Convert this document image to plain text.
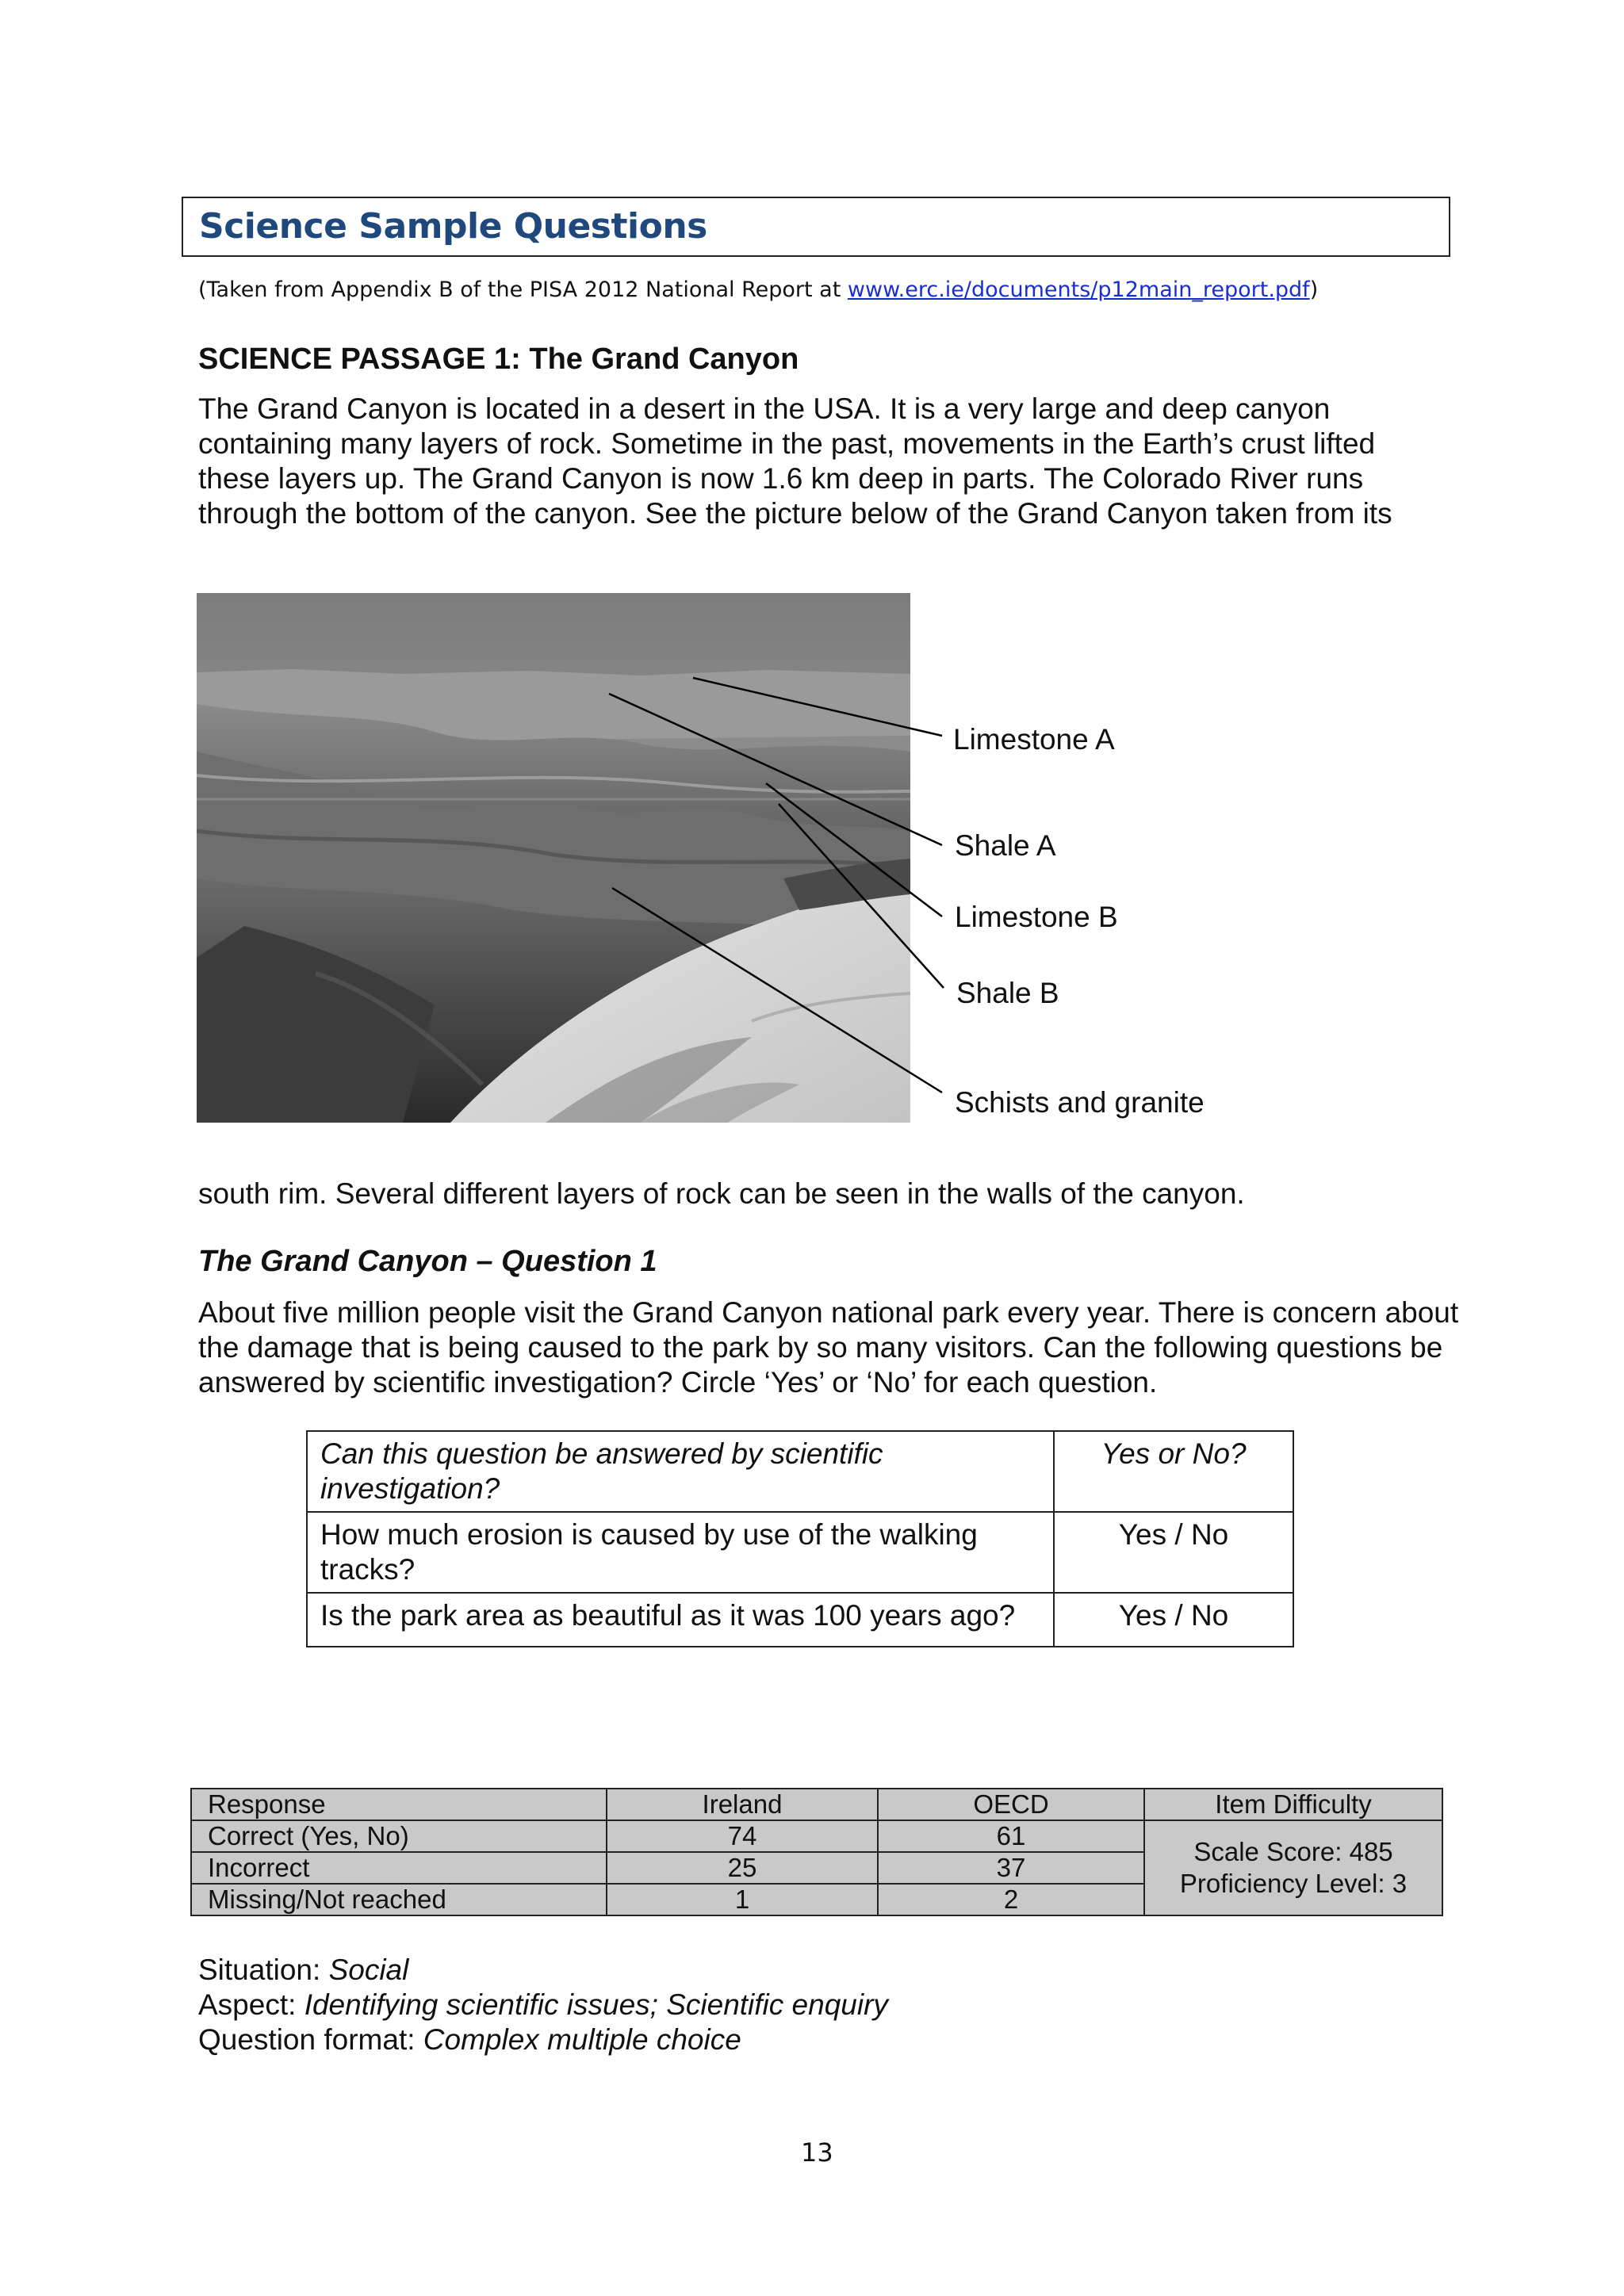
Science Sample Questions
(Taken from Appendix B of the PISA 2012 National Report at www.erc.ie/documents/p12main_report.pdf)
SCIENCE PASSAGE 1: The Grand Canyon
The Grand Canyon is located in a desert in the USA. It is a very large and deep canyon
containing many layers of rock. Sometime in the past, movements in the Earth’s crust lifted
these layers up. The Grand Canyon is now 1.6 km deep in parts. The Colorado River runs
through the bottom of the canyon. See the picture below of the Grand Canyon taken from its
Limestone A
Shale A
Limestone B
Shale B
Schists and granite
south rim. Several different layers of rock can be seen in the walls of the canyon.
The Grand Canyon – Question 1
About five million people visit the Grand Canyon national park every year. There is concern about
the damage that is being caused to the park by so many visitors. Can the following questions be
answered by scientific investigation? Circle ‘Yes’ or ‘No’ for each question.
Can this question be answered by scientific investigation?	Yes or No?
How much erosion is caused by use of the walking tracks?	Yes / No
Is the park area as beautiful as it was 100 years ago?	Yes / No
Response	Ireland	OECD	Item Difficulty
Correct (Yes, No)	74	61	Scale Score: 485
Proficiency Level: 3

Incorrect	25	37	
Missing/Not reached	1	2	
Situation: Social
Aspect: Identifying scientific issues; Scientific enquiry
Question format: Complex multiple choice
13
